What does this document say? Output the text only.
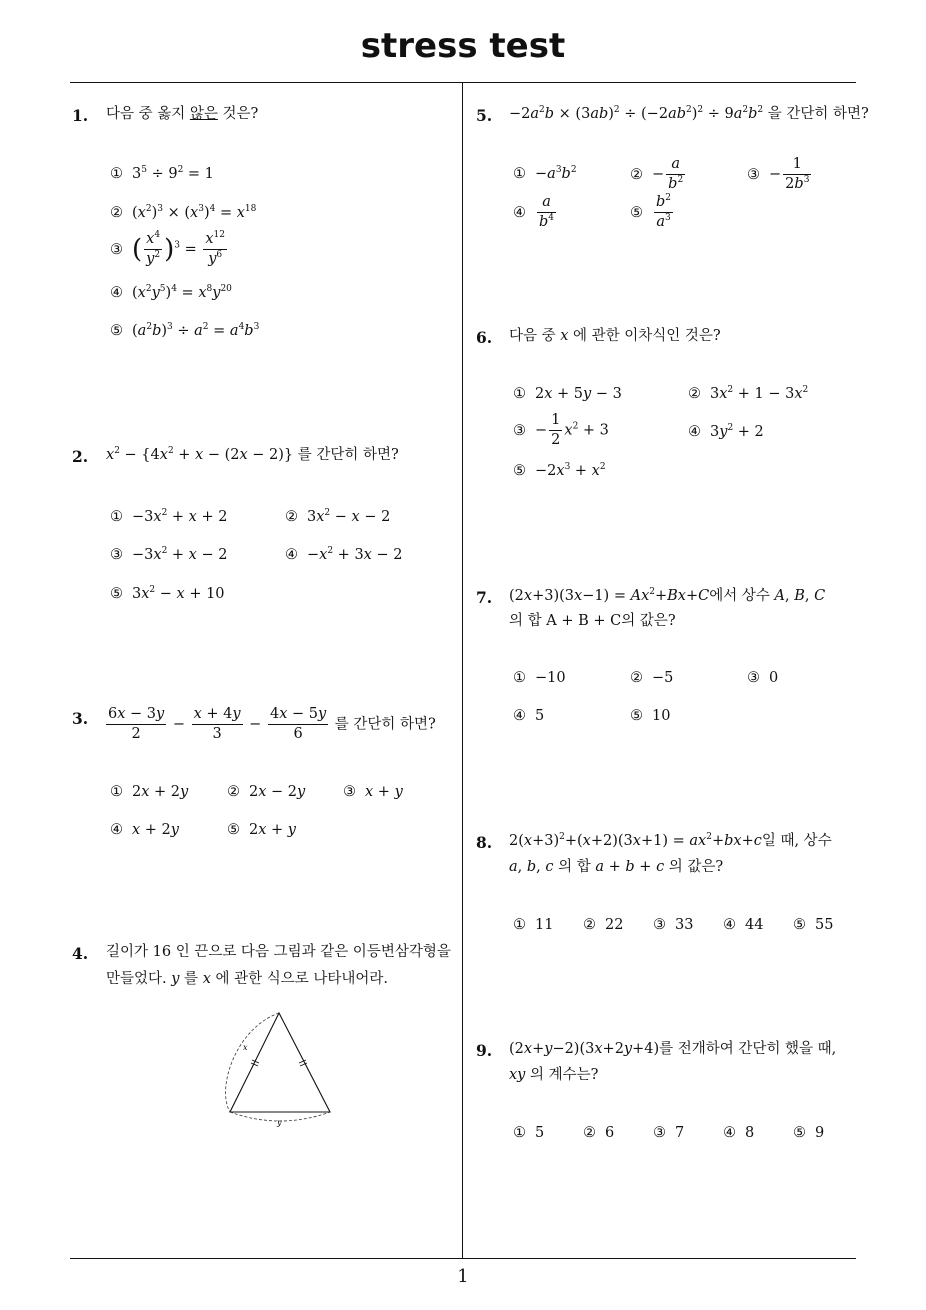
stress test
1
1. 다음 중 옳지 않은 것은?
① $3^5 \div 9^2 = 1$
② $(x^2)^3 \times (x^3)^4 = x^{18}$
③ ( $\frac{x^4}{y^2} )^3 = \frac{x^{12}}{y^6}$
④ $(x^2y^5)^4 = x^8y^{20}$
⑤ $(a^2b)^3 \div a^2 = a^4b^3$
2. $x^2 - \{4x^2 + x - (2x - 2)\}$ 를 간단히 하면?
① $-3x^2 + x + 2$	② $3x^2 - x - 2$
③ $-3x^2 + x - 2$	④ $-x^2 + 3x - 2$
⑤ $3x^2 - x + 10$
3. $\frac{6x - 3y}{2} - \frac{x + 4y}{3} - \frac{4x - 5y}{6}$ 를 간단히 하면?
① 2x + 2y	② 2x − 2y	③ x + y
④ x + 2y	⑤ 2x + y
4. 길이가 16 인 끈으로 다음 그림과 같은 이등변삼각형을
만들었다. y 를 x 에 관한 식으로 나타내어라.
x
y
5. $-2a^2b \times (3ab)^2 \div (-2ab^2)^2 \div 9a^2b^2$ 을 간단히 하면?
① $-a^3b^2$	② − $\frac{a}{b^2}$	③ − $\frac{1}{2b^3}$
④ $\frac{a}{b^4}$	⑤ $\frac{b^2}{a^3}$
6. 다음 중 x 에 관한 이차식인 것은?
① 2x + 5y − 3	② $3x^2 + 1 - 3x^2$
③ − $\frac{1}{2} x^2 + 3$	④ $3y^2 + 2$
⑤ $-2x^3 + x^2$
7. $(2x+3)(3x-1) = Ax^2+Bx+C$에서 상수 A, B, C
의 합 A + B + C의 값은?
① −10	② −5	③ 0
④ 5	⑤ 10
8. $2(x+3)^2+(x+2)(3x+1) = ax^2+bx+c$일 때, 상수
a, b, c 의 합 a + b + c 의 값은?
① 11 ② 22 ③ 33 ④ 44 ⑤ 55
9. (2x+y−2)(3x+2y+4)를 전개하여 간단히 했을 때,
xy 의 계수는?
① 5	② 6	③ 7	④ 8	⑤ 9
